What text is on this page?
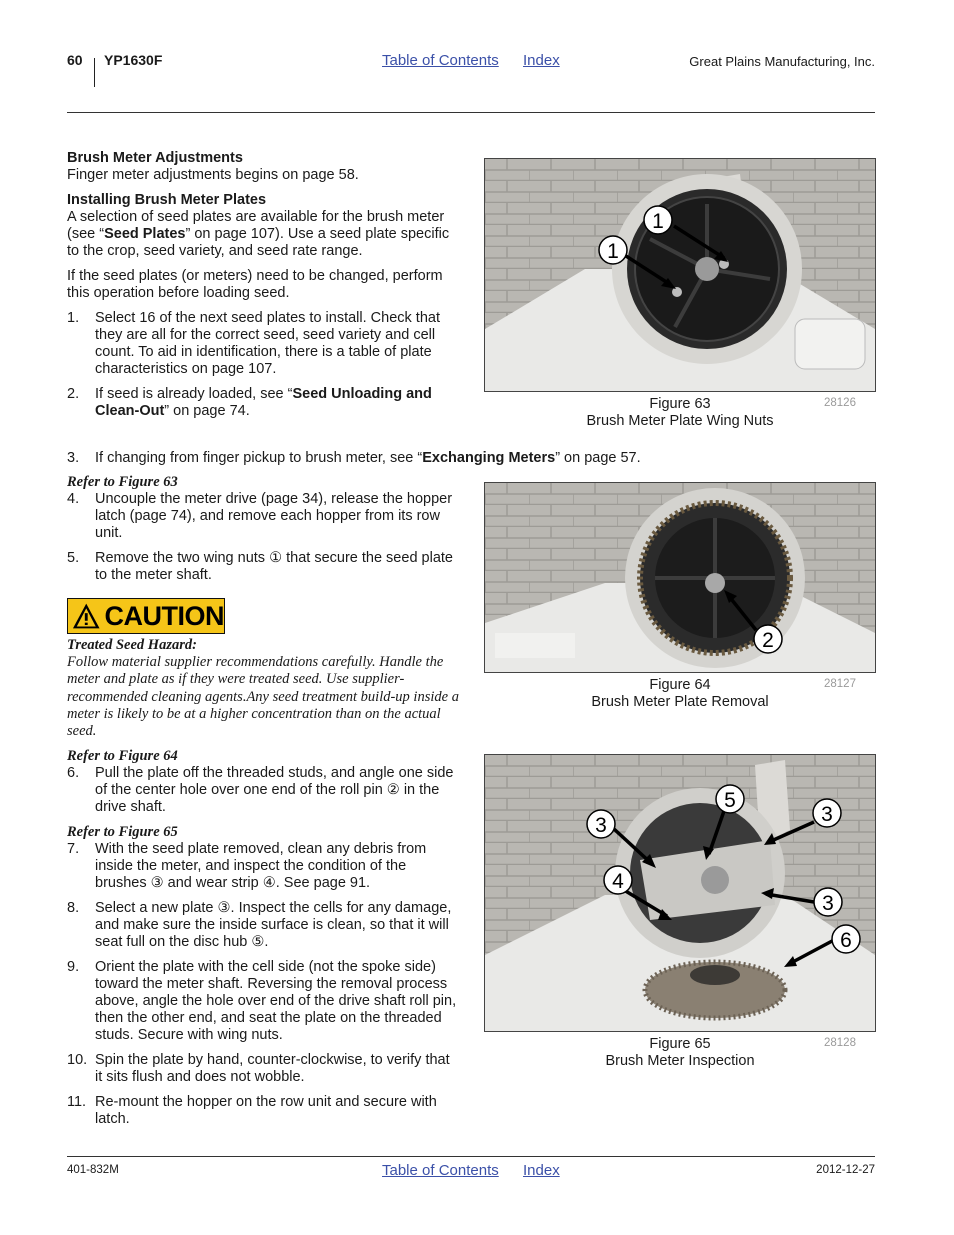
60 YP1630F	Table of Contents Index	Great Plains Manufacturing, Inc.
Brush Meter Adjustments

Finger meter adjustments begins on page 58.

Installing Brush Meter Plates

A selection of seed plates are available for the brush meter (see “Seed Plates” on page 107). Use a seed plate specific to the crop, seed variety, and seed rate range.

If the seed plates (or meters) need to be changed, perform this operation before loading seed.

1.	Select 16 of the next seed plates to install. Check that they are all for the correct seed, seed variety and cell count. To aid in identification, there is a table of plate characteristics on page 107.
2.	If seed is already loaded, see “Seed Unloading and Clean-Out” on page 74.
3.	If changing from finger pickup to brush meter, see “Exchanging Meters” on page 57.
Refer to Figure 63
4.	Uncouple the meter drive (page 34), release the hopper latch (page 74), and remove each hopper from its row unit.
5.	Remove the two wing nuts ① that secure the seed plate to the meter shaft.
CAUTION
Treated Seed Hazard:
Follow material supplier recommendations carefully. Handle the meter and plate as if they were treated seed. Use supplier-recommended cleaning agents.Any seed treatment build-up inside a meter is likely to be at a higher concentration than on the actual seed.
Refer to Figure 64
6.	Pull the plate off the threaded studs, and angle one side of the center hole over one end of the roll pin ② in the drive shaft.
Refer to Figure 65
7.	With the seed plate removed, clean any debris from inside the meter, and inspect the condition of the brushes ③ and wear strip ④. See page 91.
8.	Select a new plate ③. Inspect the cells for any damage, and make sure the inside surface is clean, so that it will seat full on the disc hub ⑤.
9.	Orient the plate with the cell side (not the spoke side) toward the meter shaft. Reversing the removal process above, angle the hole over end of the drive shaft roll pin, then the other end, and seat the plate on the threaded studs. Secure with wing nuts.
10. Spin the plate by hand, counter-clockwise, to verify that it sits flush and does not wobble.
11. Re-mount the hopper on the row unit and secure with latch.
1
1
Figure 63
Brush Meter Plate Wing Nuts
28126
2
Figure 64
Brush Meter Plate Removal
28127
5
3
3
4
3
6
Figure 65
Brush Meter Inspection
28128
401-832M	Table of Contents Index	2012-12-27
